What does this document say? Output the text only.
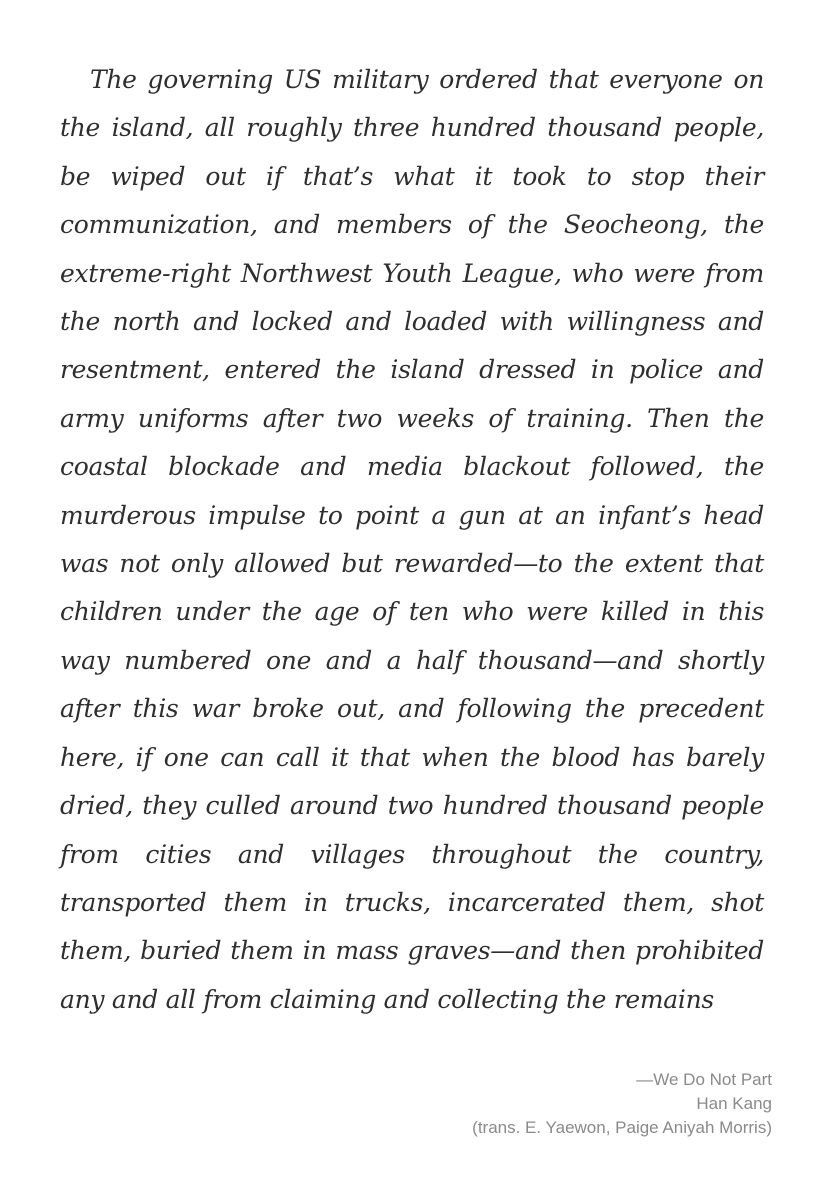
The governing US military ordered that everyone on the island, all roughly three hundred thousand people, be wiped out if that’s what it took to stop their communization, and members of the Seocheong, the extreme-right Northwest Youth League, who were from the north and locked and loaded with willingness and resentment, entered the island dressed in police and army uniforms after two weeks of training. Then the coastal blockade and media blackout followed, the murderous impulse to point a gun at an infant’s head was not only allowed but rewarded—to the extent that children under the age of ten who were killed in this way numbered one and a half thousand—and shortly after this war broke out, and following the precedent here, if one can call it that when the blood has barely dried, they culled around two hundred thousand people from cities and villages throughout the country, transported them in trucks, incarcerated them, shot them, buried them in mass graves—and then prohibited any and all from claiming and collecting the remains

—We Do Not Part
Han Kang
(trans. E. Yaewon, Paige Aniyah Morris)
